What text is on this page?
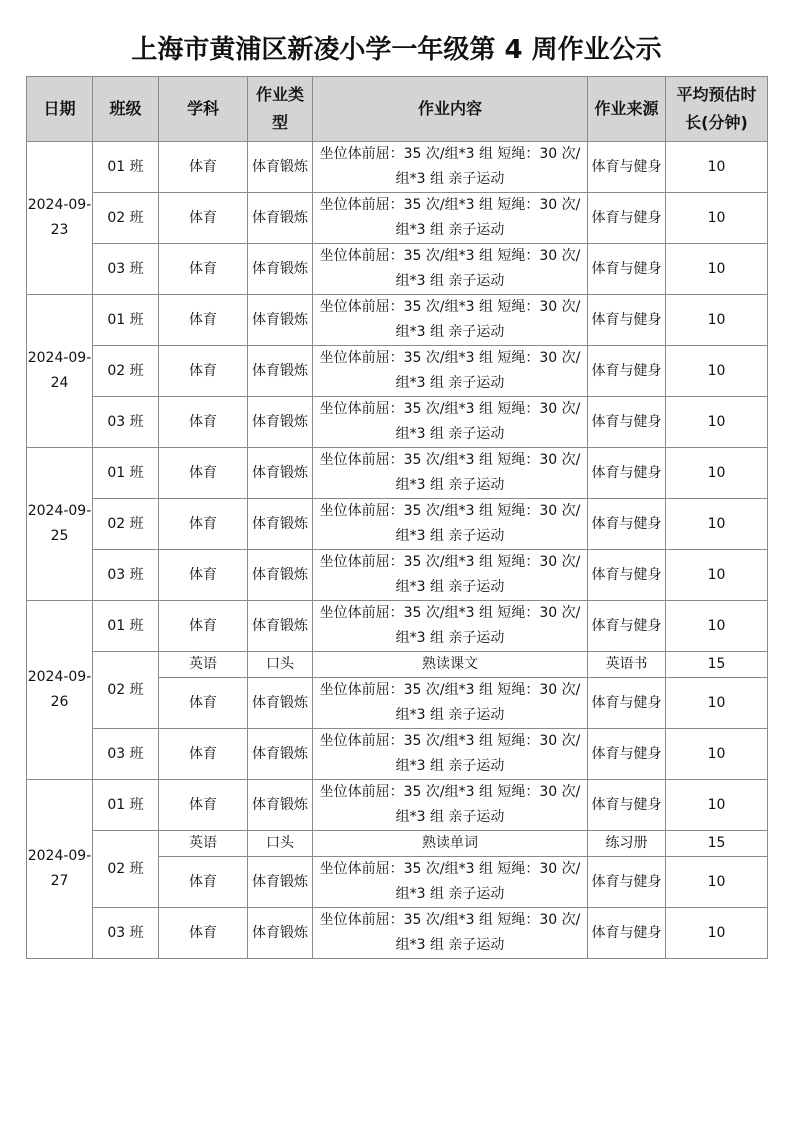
上海市黄浦区新凌小学一年级第 4 周作业公示
日期	班级	学科	作业类
型	作业内容	作业来源	平均预估时
长(分钟)
2024-09-
23	01 班	体育	体育锻炼	坐位体前屈：35 次/组*3 组 短绳：30 次/
组*3 组 亲子运动	体育与健身	10
	02 班	体育	体育锻炼	坐位体前屈：35 次/组*3 组 短绳：30 次/
组*3 组 亲子运动	体育与健身	10
	03 班	体育	体育锻炼	坐位体前屈：35 次/组*3 组 短绳：30 次/
组*3 组 亲子运动	体育与健身	10
2024-09-
24	01 班	体育	体育锻炼	坐位体前屈：35 次/组*3 组 短绳：30 次/
组*3 组 亲子运动	体育与健身	10
	02 班	体育	体育锻炼	坐位体前屈：35 次/组*3 组 短绳：30 次/
组*3 组 亲子运动	体育与健身	10
	03 班	体育	体育锻炼	坐位体前屈：35 次/组*3 组 短绳：30 次/
组*3 组 亲子运动	体育与健身	10
2024-09-
25	01 班	体育	体育锻炼	坐位体前屈：35 次/组*3 组 短绳：30 次/
组*3 组 亲子运动	体育与健身	10
	02 班	体育	体育锻炼	坐位体前屈：35 次/组*3 组 短绳：30 次/
组*3 组 亲子运动	体育与健身	10
	03 班	体育	体育锻炼	坐位体前屈：35 次/组*3 组 短绳：30 次/
组*3 组 亲子运动	体育与健身	10
2024-09-
26	01 班	体育	体育锻炼	坐位体前屈：35 次/组*3 组 短绳：30 次/
组*3 组 亲子运动	体育与健身	10
	02 班	英语	口头	熟读课文	英语书	15
		体育	体育锻炼	坐位体前屈：35 次/组*3 组 短绳：30 次/
组*3 组 亲子运动	体育与健身	10
	03 班	体育	体育锻炼	坐位体前屈：35 次/组*3 组 短绳：30 次/
组*3 组 亲子运动	体育与健身	10
2024-09-
27	01 班	体育	体育锻炼	坐位体前屈：35 次/组*3 组 短绳：30 次/
组*3 组 亲子运动	体育与健身	10
	02 班	英语	口头	熟读单词	练习册	15
		体育	体育锻炼	坐位体前屈：35 次/组*3 组 短绳：30 次/
组*3 组 亲子运动	体育与健身	10
	03 班	体育	体育锻炼	坐位体前屈：35 次/组*3 组 短绳：30 次/
组*3 组 亲子运动	体育与健身	10
